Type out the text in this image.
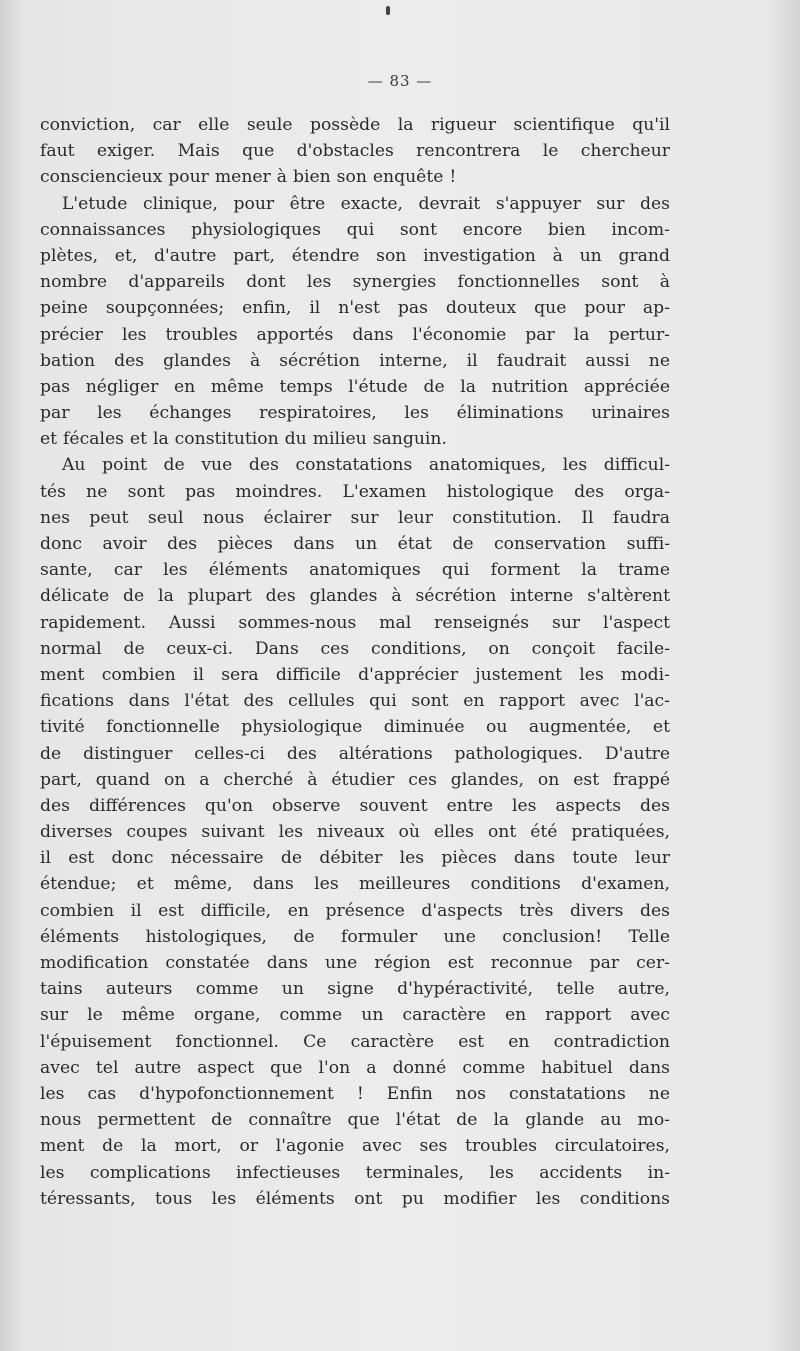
— 83 —
conviction, car elle seule possède la rigueur scientifique qu'il
faut exiger. Mais que d'obstacles rencontrera le chercheur
consciencieux pour mener à bien son enquête !
L'etude clinique, pour être exacte, devrait s'appuyer sur des
connaissances physiologiques qui sont encore bien incom-
plètes, et, d'autre part, étendre son investigation à un grand
nombre d'appareils dont les synergies fonctionnelles sont à
peine soupçonnées; enfin, il n'est pas douteux que pour ap-
précier les troubles apportés dans l'économie par la pertur-
bation des glandes à sécrétion interne, il faudrait aussi ne
pas négliger en même temps l'étude de la nutrition appréciée
par les échanges respiratoires, les éliminations urinaires
et fécales et la constitution du milieu sanguin.
Au point de vue des constatations anatomiques, les difficul-
tés ne sont pas moindres. L'examen histologique des orga-
nes peut seul nous éclairer sur leur constitution. Il faudra
donc avoir des pièces dans un état de conservation suffi-
sante, car les éléments anatomiques qui forment la trame
délicate de la plupart des glandes à sécrétion interne s'altèrent
rapidement. Aussi sommes-nous mal renseignés sur l'aspect
normal de ceux-ci. Dans ces conditions, on conçoit facile-
ment combien il sera difficile d'apprécier justement les modi-
fications dans l'état des cellules qui sont en rapport avec l'ac-
tivité fonctionnelle physiologique diminuée ou augmentée, et
de distinguer celles-ci des altérations pathologiques. D'autre
part, quand on a cherché à étudier ces glandes, on est frappé
des différences qu'on observe souvent entre les aspects des
diverses coupes suivant les niveaux où elles ont été pratiquées,
il est donc nécessaire de débiter les pièces dans toute leur
étendue; et même, dans les meilleures conditions d'examen,
combien il est difficile, en présence d'aspects très divers des
éléments histologiques, de formuler une conclusion! Telle
modification constatée dans une région est reconnue par cer-
tains auteurs comme un signe d'hypéractivité, telle autre,
sur le même organe, comme un caractère en rapport avec
l'épuisement fonctionnel. Ce caractère est en contradiction
avec tel autre aspect que l'on a donné comme habituel dans
les cas d'hypofonctionnement ! Enfin nos constatations ne
nous permettent de connaître que l'état de la glande au mo-
ment de la mort, or l'agonie avec ses troubles circulatoires,
les complications infectieuses terminales, les accidents in-
téressants, tous les éléments ont pu modifier les conditions
